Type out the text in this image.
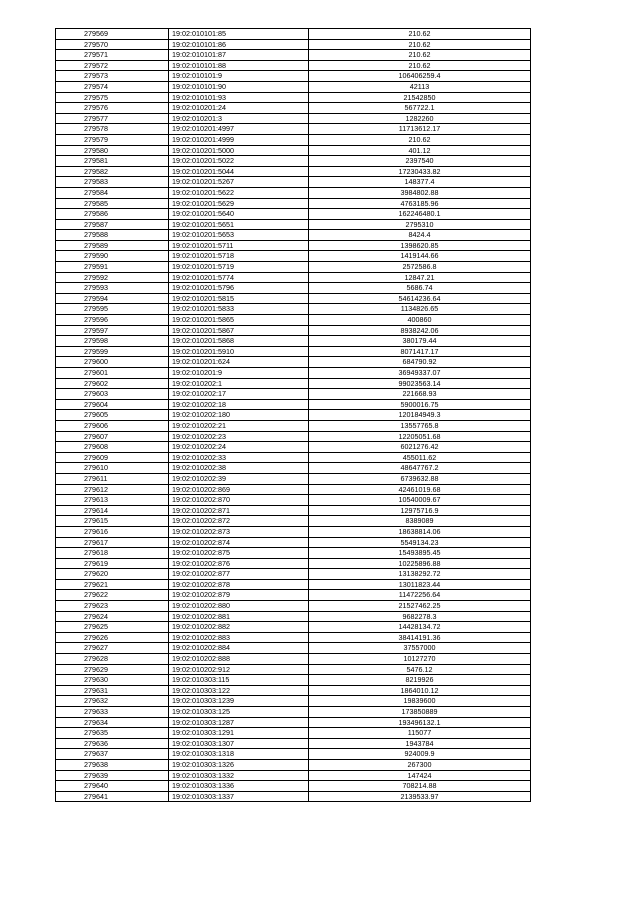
279569	19:02:010101:85	210.62
279570	19:02:010101:86	210.62
279571	19:02:010101:87	210.62
279572	19:02:010101:88	210.62
279573	19:02:010101:9	106406259.4
279574	19:02:010101:90	42113
279575	19:02:010101:93	21542850
279576	19:02:010201:24	567722.1
279577	19:02:010201:3	1282260
279578	19:02:010201:4997	11713612.17
279579	19:02:010201:4999	210.62
279580	19:02:010201:5000	401.12
279581	19:02:010201:5022	2397540
279582	19:02:010201:5044	17230433.82
279583	19:02:010201:5267	148377.4
279584	19:02:010201:5622	3984802.88
279585	19:02:010201:5629	4763185.96
279586	19:02:010201:5640	162246480.1
279587	19:02:010201:5651	2795310
279588	19:02:010201:5653	8424.4
279589	19:02:010201:5711	1398620.85
279590	19:02:010201:5718	1419144.66
279591	19:02:010201:5719	2572586.8
279592	19:02:010201:5774	12847.21
279593	19:02:010201:5796	5686.74
279594	19:02:010201:5815	54614236.64
279595	19:02:010201:5833	1134826.65
279596	19:02:010201:5865	400860
279597	19:02:010201:5867	8938242.06
279598	19:02:010201:5868	380179.44
279599	19:02:010201:5910	8071417.17
279600	19:02:010201:624	684790.92
279601	19:02:010201:9	36949337.07
279602	19:02:010202:1	99023563.14
279603	19:02:010202:17	221668.93
279604	19:02:010202:18	5900016.75
279605	19:02:010202:180	120184949.3
279606	19:02:010202:21	13557765.8
279607	19:02:010202:23	12205051.68
279608	19:02:010202:24	6021276.42
279609	19:02:010202:33	455011.62
279610	19:02:010202:38	48647767.2
279611	19:02:010202:39	6739632.88
279612	19:02:010202:869	42461019.68
279613	19:02:010202:870	10540009.67
279614	19:02:010202:871	12975716.9
279615	19:02:010202:872	8389089
279616	19:02:010202:873	18638814.06
279617	19:02:010202:874	5549134.23
279618	19:02:010202:875	15493895.45
279619	19:02:010202:876	10225896.88
279620	19:02:010202:877	13138292.72
279621	19:02:010202:878	13011823.44
279622	19:02:010202:879	11472256.64
279623	19:02:010202:880	21527462.25
279624	19:02:010202:881	9682278.3
279625	19:02:010202:882	14428134.72
279626	19:02:010202:883	38414191.36
279627	19:02:010202:884	37557000
279628	19:02:010202:888	10127270
279629	19:02:010202:912	5476.12
279630	19:02:010303:115	8219926
279631	19:02:010303:122	1864010.12
279632	19:02:010303:1239	19839600
279633	19:02:010303:125	173850889
279634	19:02:010303:1287	193496132.1
279635	19:02:010303:1291	115077
279636	19:02:010303:1307	1943784
279637	19:02:010303:1318	924009.9
279638	19:02:010303:1326	267300
279639	19:02:010303:1332	147424
279640	19:02:010303:1336	708214.88
279641	19:02:010303:1337	2139533.97
